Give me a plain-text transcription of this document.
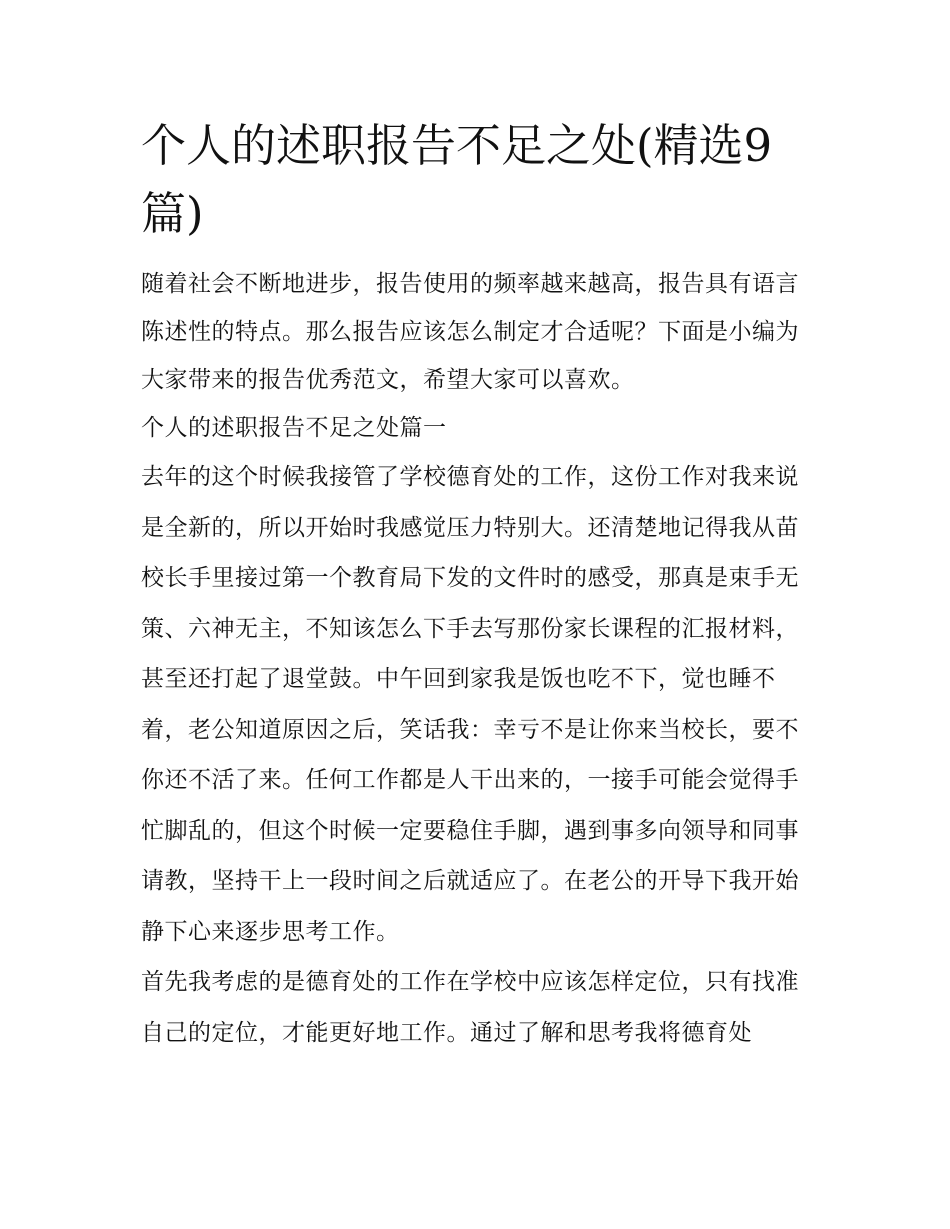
个人的述职报告不足之处(精选9篇)

随着社会不断地进步，报告使用的频率越来越高，报告具有语言陈述性的特点。那么报告应该怎么制定才合适呢？下面是小编为大家带来的报告优秀范文，希望大家可以喜欢。

个人的述职报告不足之处篇一

去年的这个时候我接管了学校德育处的工作，这份工作对我来说是全新的，所以开始时我感觉压力特别大。还清楚地记得我从苗校长手里接过第一个教育局下发的文件时的感受，那真是束手无策、六神无主，不知该怎么下手去写那份家长课程的汇报材料，甚至还打起了退堂鼓。中午回到家我是饭也吃不下，觉也睡不着，老公知道原因之后，笑话我：幸亏不是让你来当校长，要不你还不活了来。任何工作都是人干出来的，一接手可能会觉得手忙脚乱的，但这个时候一定要稳住手脚，遇到事多向领导和同事请教，坚持干上一段时间之后就适应了。在老公的开导下我开始静下心来逐步思考工作。

首先我考虑的是德育处的工作在学校中应该怎样定位，只有找准自己的定位，才能更好地工作。通过了解和思考我将德育处
